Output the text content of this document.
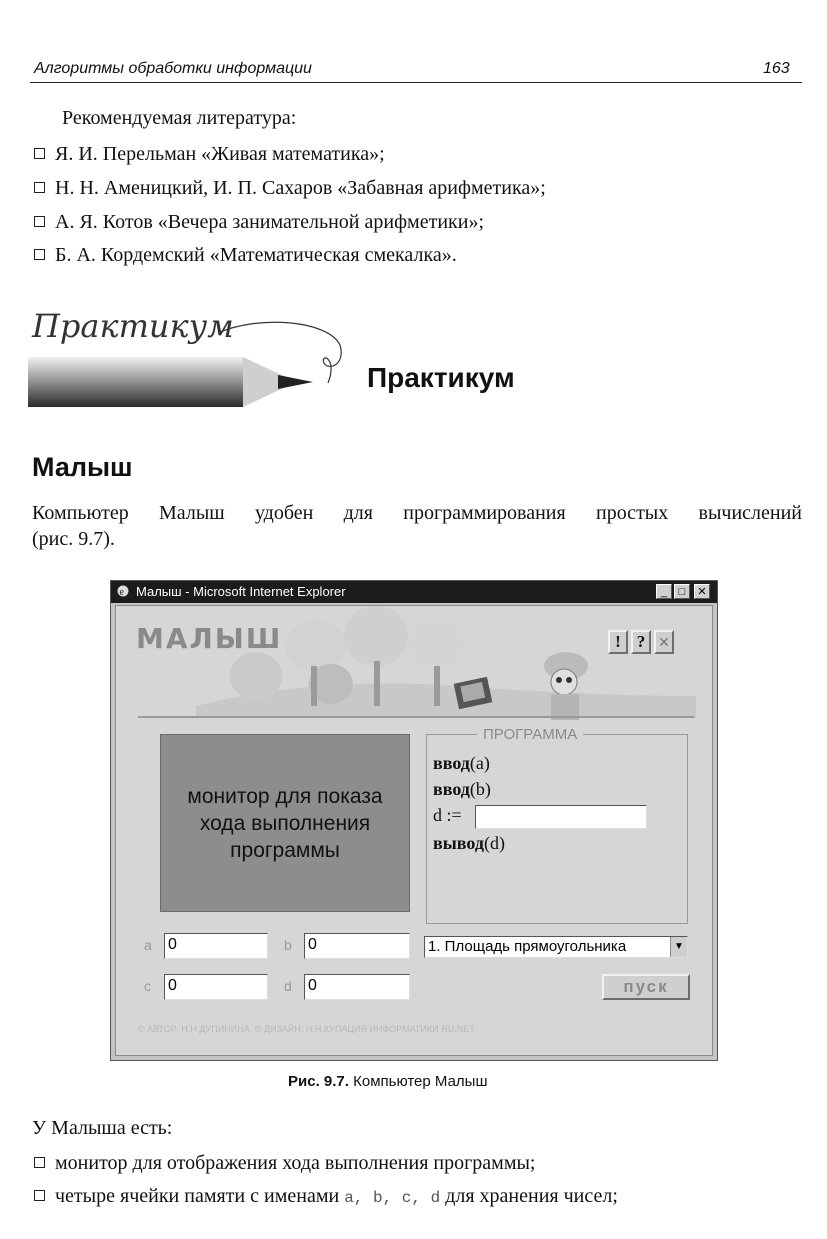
Алгоритмы обработки информации	163
Рекомендуемая литература:
Я. И. Перельман «Живая математика»;
Н. Н. Аменицкий, И. П. Сахаров «Забавная арифметика»;
А. Я. Котов «Вечера занимательной арифметики»;
Б. А. Кордемский «Математическая смекалка».
Практикум
Практикум
Малыш
Компьютер Малыш удобен для программирования простых вычислений
(рис. 9.7).
e Малыш - Microsoft Internet Explorer	_	□	✕
МАЛЫШ	! ? ✕
монитор для показа
хода выполнения
программы
ПРОГРАММА
ввод(a)
ввод(b)
d :=
вывод(d)
a 0	b 0
c 0	d 0
1. Площадь прямоугольника	▼
пуск
© АВТОР: Н.Н.ДУПИНИНА. © ДИЗАЙН: Н.Н.КУПАЦИЯ ИНФОРМАТИКИ RU.NET
Рис. 9.7. Компьютер Малыш
У Малыша есть:
монитор для отображения хода выполнения программы;
четыре ячейки памяти с именами a, b, c, d для хранения чисел;
